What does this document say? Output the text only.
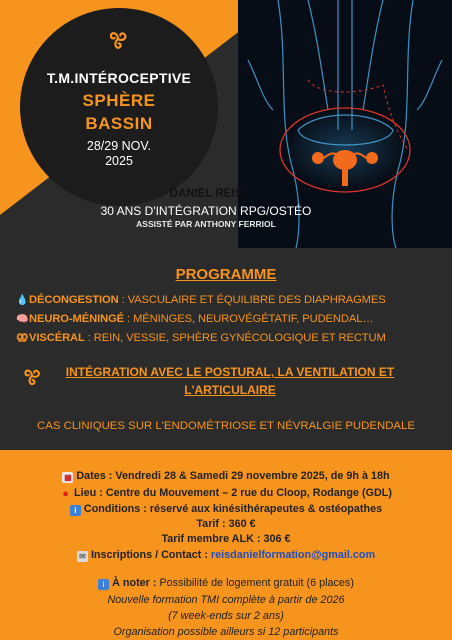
T.M.INTÉROCEPTIVE
SPHÈRE
BASSIN
28/29 NOV.
2025
DANIEL REIS
30 ANS D'INTÉGRATION RPG/OSTÉO
ASSISTÉ PAR ANTHONY FERRIOL
PROGRAMME
💧DÉCONGESTION : VASCULAIRE ET ÉQUILIBRE DES DIAPHRAGMES
🧠NEURO-MÉNINGÉ : MÉNINGES, NEUROVÉGÉTATIF, PUDENDAL…
🥨VISCÉRAL : REIN, VESSIE, SPHÈRE GYNÉCOLOGIQUE ET RECTUM
INTÉGRATION AVEC LE POSTURAL, LA VENTILATION ET L'ARTICULAIRE
CAS CLINIQUES SUR L'ENDOMÉTRIOSE ET NÉVRALGIE PUDENDALE
▦ Dates : Vendredi 28 & Samedi 29 novembre 2025, de 9h à 18h
● Lieu : Centre du Mouvement – 2 rue du Cloop, Rodange (GDL)
i Conditions : réservé aux kinésithérapeutes & ostéopathes
Tarif : 360 €
Tarif membre ALK : 306 €
✉ Inscriptions / Contact : reisdanielformation@gmail.com
i À noter : Possibilité de logement gratuit (6 places)
Nouvelle formation TMI complète à partir de 2026
(7 week-ends sur 2 ans)
Organisation possible ailleurs si 12 participants
